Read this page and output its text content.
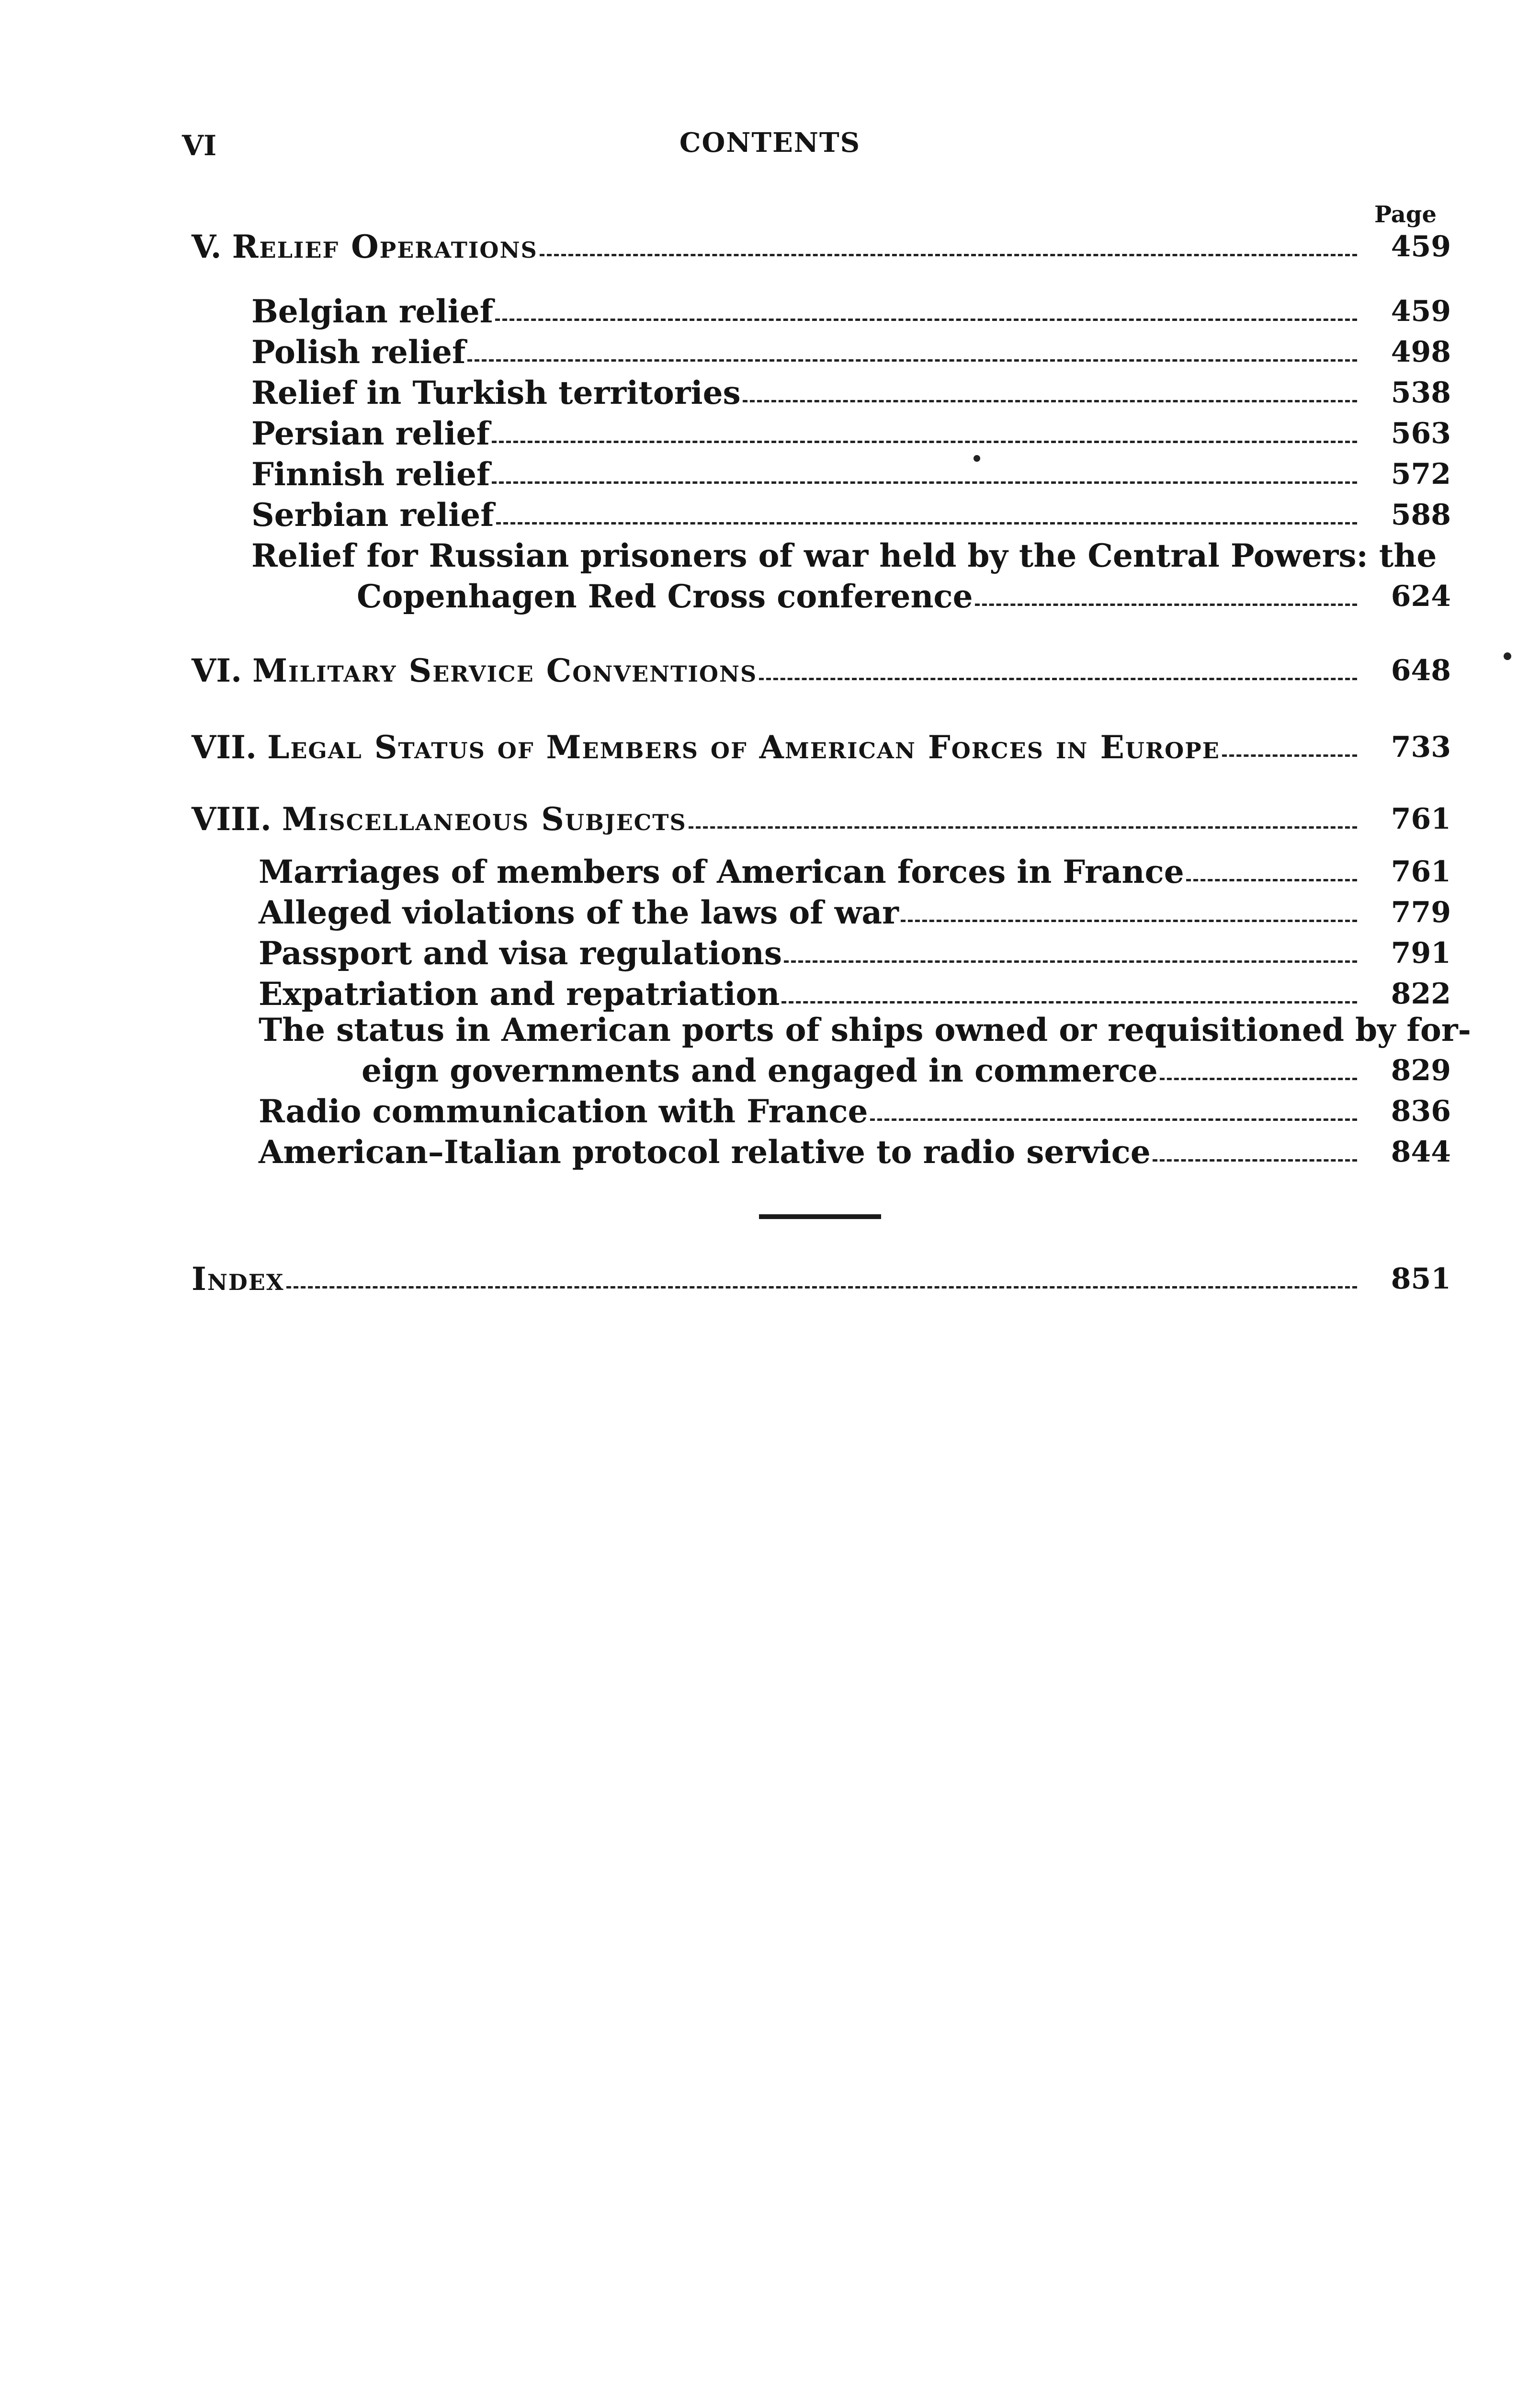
VI	CONTENTS
Page
V. Relief Operations	459
Belgian relief	459
Polish relief	498
Relief in Turkish territories	538
Persian relief	563
Finnish relief	572
Serbian relief	588
Relief for Russian prisoners of war held by the Central Powers: the
Copenhagen Red Cross conference	624
VI. Military Service Conventions	648
VII. Legal Status of Members of American Forces in Europe	733
VIII. Miscellaneous Subjects	761
Marriages of members of American forces in France	761
Alleged violations of the laws of war	779
Passport and visa regulations	791
Expatriation and repatriation	822
The status in American ports of ships owned or requisitioned by for-
eign governments and engaged in commerce	829
Radio communication with France	836
American–Italian protocol relative to radio service	844
Index	851
